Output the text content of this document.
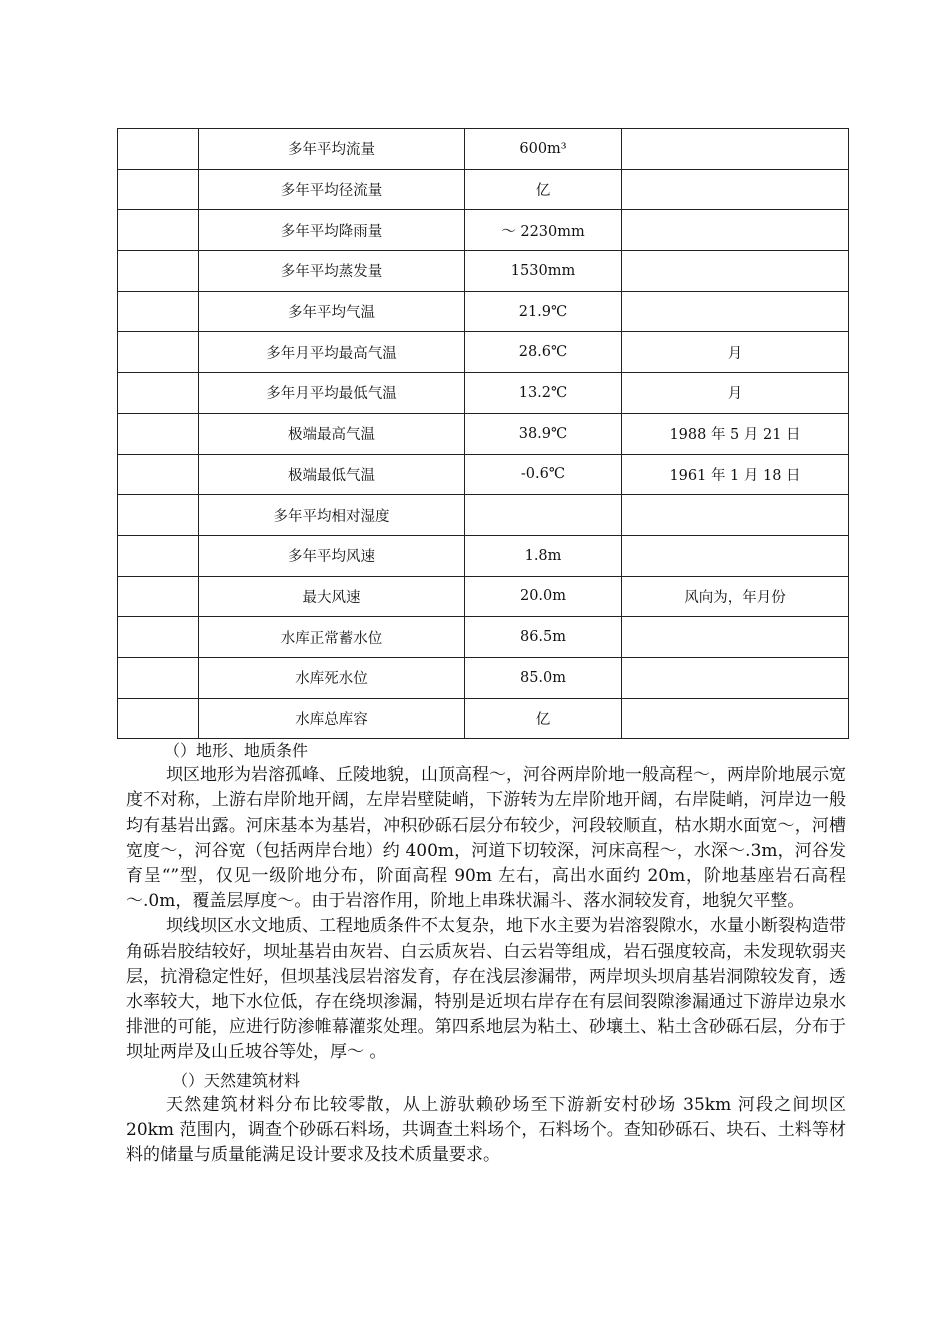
	多年平均流量	600m³	
	多年平均径流量	亿	
	多年平均降雨量	～ 2230mm	
	多年平均蒸发量	1530mm	
	多年平均气温	21.9℃	
	多年月平均最高气温	28.6℃	月
	多年月平均最低气温	13.2℃	月
	极端最高气温	38.9℃	1988 年 5 月 21 日
	极端最低气温	-0.6℃	1961 年 1 月 18 日
	多年平均相对湿度		
	多年平均风速	1.8m	
	最大风速	20.0m	风向为，年月份
	水库正常蓄水位	86.5m	
	水库死水位	85.0m	
	水库总库容	亿	

（）地形、地质条件

坝区地形为岩溶孤峰、丘陵地貌，山顶高程～，河谷两岸阶地一般高程～，两岸阶地展示宽度不对称，上游右岸阶地开阔，左岸岩壁陡峭，下游转为左岸阶地开阔，右岸陡峭，河岸边一般均有基岩出露。河床基本为基岩，冲积砂砾石层分布较少，河段较顺直，枯水期水面宽～，河槽宽度～，河谷宽（包括两岸台地）约 400m，河道下切较深，河床高程～，水深～.3m，河谷发育呈“”型，仅见一级阶地分布，阶面高程 90m 左右，高出水面约 20m，阶地基座岩石高程～.0m，覆盖层厚度～。由于岩溶作用，阶地上串珠状漏斗、落水洞较发育，地貌欠平整。

坝线坝区水文地质、工程地质条件不太复杂，地下水主要为岩溶裂隙水，水量小断裂构造带角砾岩胶结较好，坝址基岩由灰岩、白云质灰岩、白云岩等组成，岩石强度较高，未发现软弱夹层，抗滑稳定性好，但坝基浅层岩溶发育，存在浅层渗漏带，两岸坝头坝肩基岩洞隙较发育，透水率较大，地下水位低，存在绕坝渗漏，特别是近坝右岸存在有层间裂隙渗漏通过下游岸边泉水排泄的可能，应进行防渗帷幕灌浆处理。第四系地层为粘土、砂壤土、粘土含砂砾石层，分布于坝址两岸及山丘坡谷等处，厚～ 。

（）天然建筑材料

天然建筑材料分布比较零散，从上游驮赖砂场至下游新安村砂场 35km 河段之间坝区 20km 范围内，调查个砂砾石料场，共调查土料场个，石料场个。查知砂砾石、块石、土料等材料的储量与质量能满足设计要求及技术质量要求。
